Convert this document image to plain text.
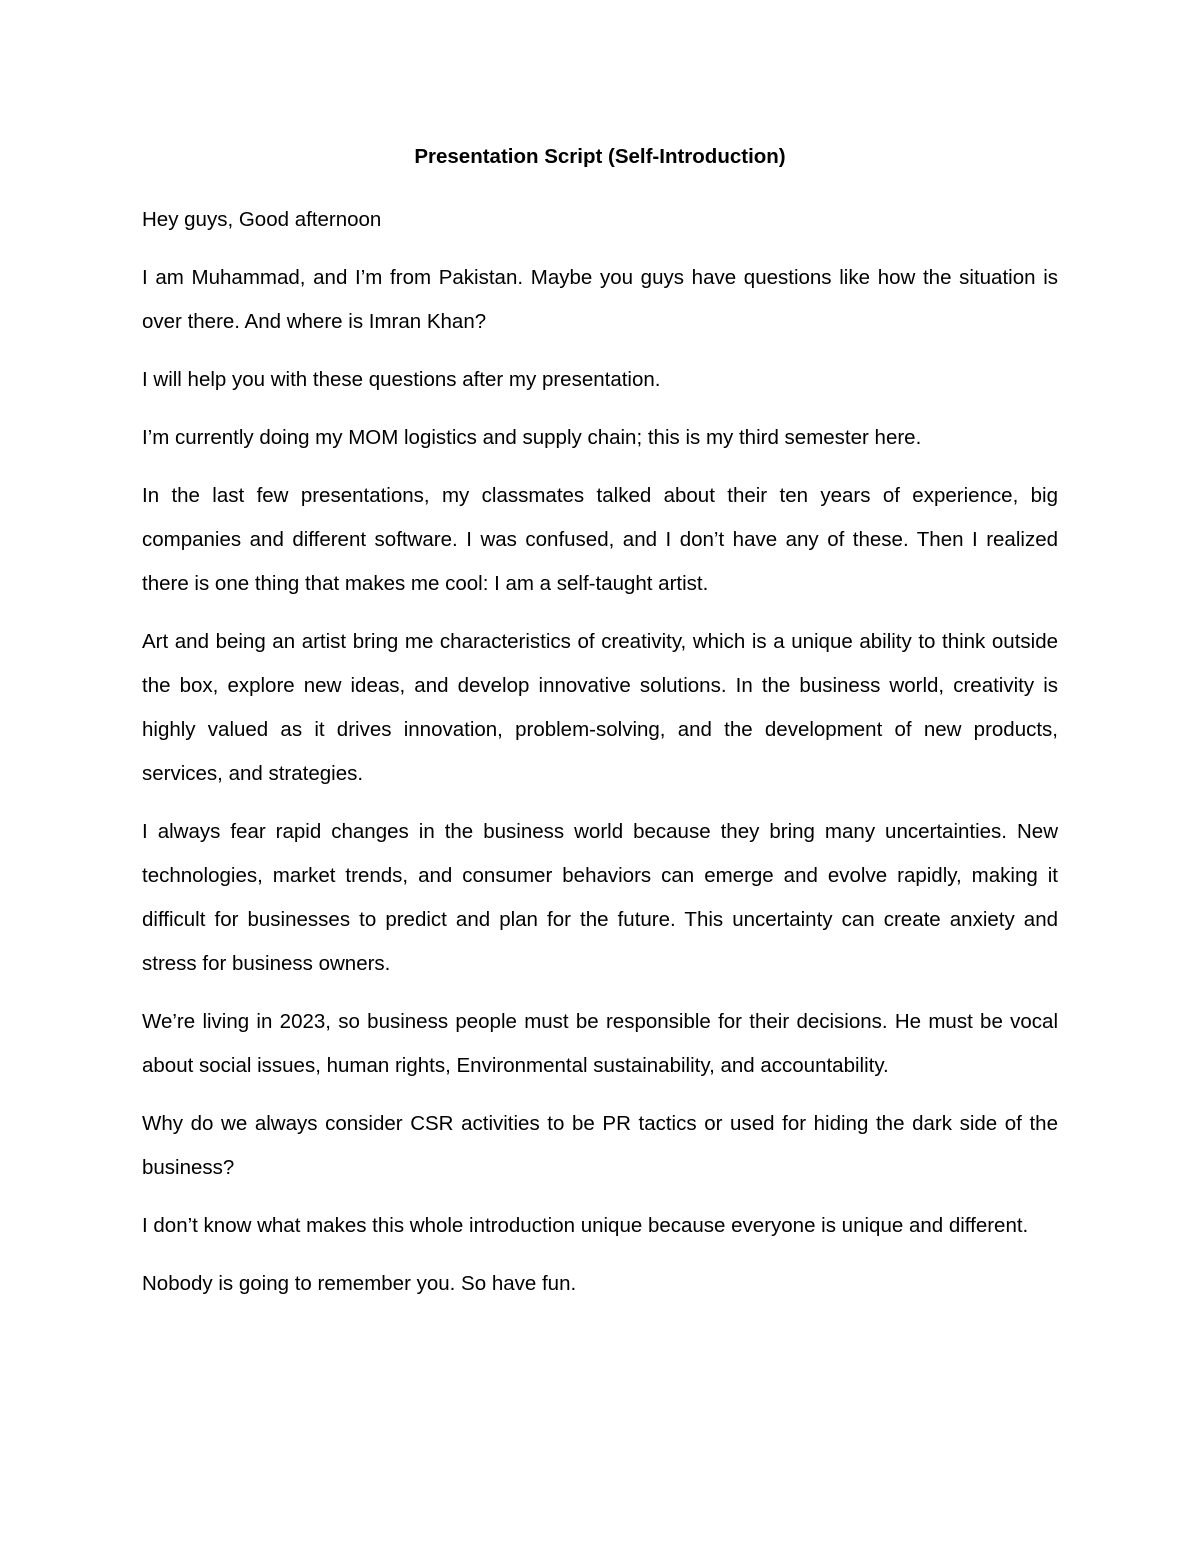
Presentation Script (Self-Introduction)

Hey guys, Good afternoon

I am Muhammad, and I’m from Pakistan. Maybe you guys have questions like how the situation is over there. And where is Imran Khan?

I will help you with these questions after my presentation.

I’m currently doing my MOM logistics and supply chain; this is my third semester here.

In the last few presentations, my classmates talked about their ten years of experience, big companies and different software. I was confused, and I don’t have any of these. Then I realized there is one thing that makes me cool: I am a self-taught artist.

Art and being an artist bring me characteristics of creativity, which is a unique ability to think outside the box, explore new ideas, and develop innovative solutions. In the business world, creativity is highly valued as it drives innovation, problem-solving, and the development of new products, services, and strategies.

I always fear rapid changes in the business world because they bring many uncertainties. New technologies, market trends, and consumer behaviors can emerge and evolve rapidly, making it difficult for businesses to predict and plan for the future. This uncertainty can create anxiety and stress for business owners.

We’re living in 2023, so business people must be responsible for their decisions. He must be vocal about social issues, human rights, Environmental sustainability, and accountability.

Why do we always consider CSR activities to be PR tactics or used for hiding the dark side of the business?

I don’t know what makes this whole introduction unique because everyone is unique and different.

Nobody is going to remember you. So have fun.
